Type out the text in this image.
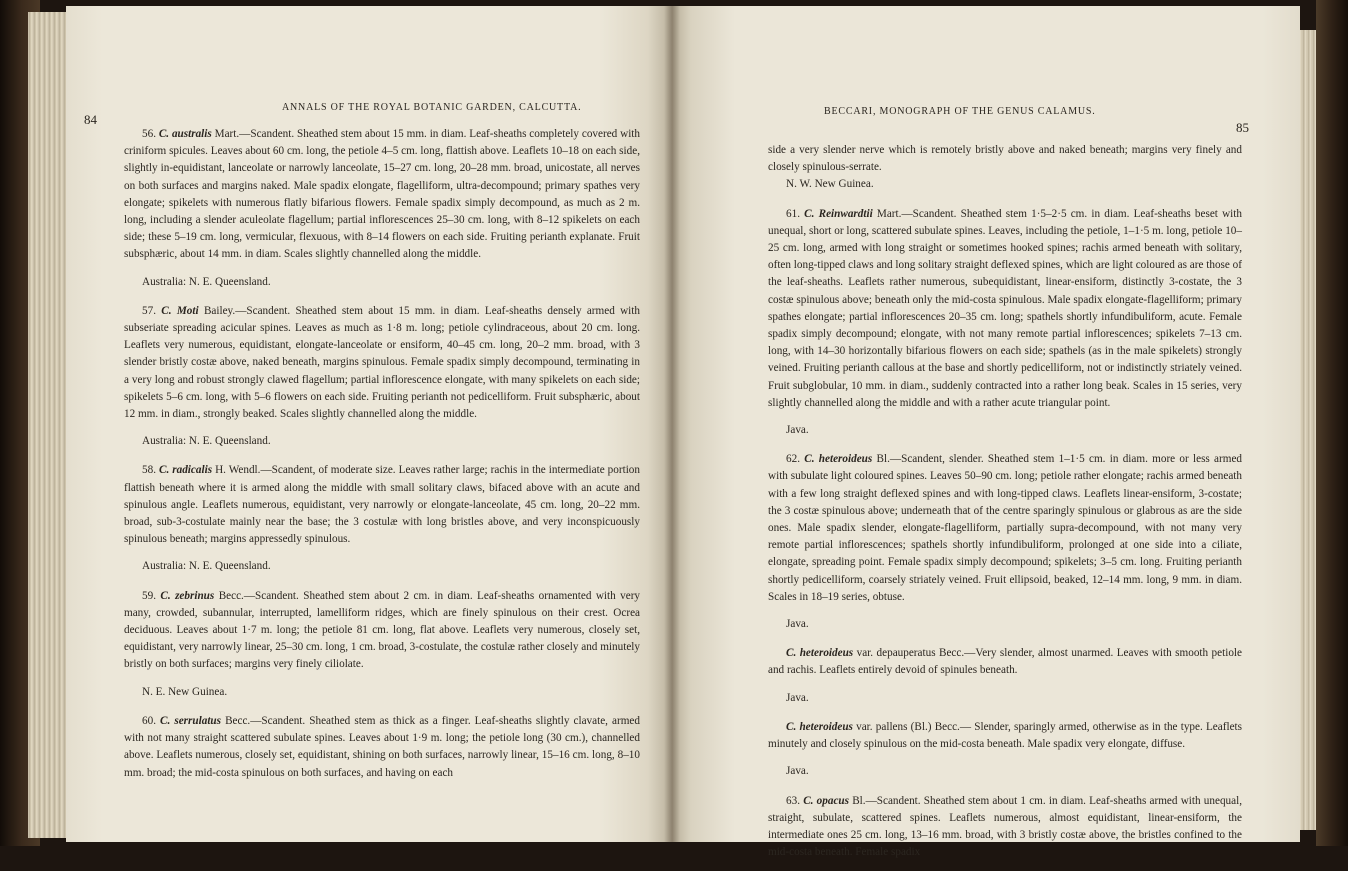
84
ANNALS OF THE ROYAL BOTANIC GARDEN, CALCUTTA.

56. C. australis Mart.—Scandent. Sheathed stem about 15 mm. in diam. Leaf-sheaths completely covered with criniform spicules. Leaves about 60 cm. long, the petiole 4–5 cm. long, flattish above. Leaflets 10–18 on each side, slightly in-equidistant, lanceolate or narrowly lanceolate, 15–27 cm. long, 20–28 mm. broad, unicostate, all nerves on both surfaces and margins naked. Male spadix elongate, flagelliform, ultra-decompound; primary spathes very elongate; spikelets with numerous flatly bifarious flowers. Female spadix simply decompound, as much as 2 m. long, including a slender aculeolate flagellum; partial inflorescences 25–30 cm. long, with 8–12 spikelets on each side; these 5–19 cm. long, vermicular, flexuous, with 8–14 flowers on each side. Fruiting perianth explanate. Fruit subsphæric, about 14 mm. in diam. Scales slightly channelled along the middle.

Australia: N. E. Queensland.

57. C. Moti Bailey.—Scandent. Sheathed stem about 15 mm. in diam. Leaf-sheaths densely armed with subseriate spreading acicular spines. Leaves as much as 1·8 m. long; petiole cylindraceous, about 20 cm. long. Leaflets very numerous, equidistant, elongate-lanceolate or ensiform, 40–45 cm. long, 20–2 mm. broad, with 3 slender bristly costæ above, naked beneath, margins spinulous. Female spadix simply decompound, terminating in a very long and robust strongly clawed flagellum; partial inflorescence elongate, with many spikelets on each side; spikelets 5–6 cm. long, with 5–6 flowers on each side. Fruiting perianth not pedicelliform. Fruit subsphæric, about 12 mm. in diam., strongly beaked. Scales slightly channelled along the middle.

Australia: N. E. Queensland.

58. C. radicalis H. Wendl.—Scandent, of moderate size. Leaves rather large; rachis in the intermediate portion flattish beneath where it is armed along the middle with small solitary claws, bifaced above with an acute and spinulous angle. Leaflets numerous, equidistant, very narrowly or elongate-lanceolate, 45 cm. long, 20–22 mm. broad, sub-3-costulate mainly near the base; the 3 costulæ with long bristles above, and very inconspicuously spinulous beneath; margins appressedly spinulous.

Australia: N. E. Queensland.

59. C. zebrinus Becc.—Scandent. Sheathed stem about 2 cm. in diam. Leaf-sheaths ornamented with very many, crowded, subannular, interrupted, lamelliform ridges, which are finely spinulous on their crest. Ocrea deciduous. Leaves about 1·7 m. long; the petiole 81 cm. long, flat above. Leaflets very numerous, closely set, equidistant, very narrowly linear, 25–30 cm. long, 1 cm. broad, 3-costulate, the costulæ rather closely and minutely bristly on both surfaces; margins very finely ciliolate.

N. E. New Guinea.

60. C. serrulatus Becc.—Scandent. Sheathed stem as thick as a finger. Leaf-sheaths slightly clavate, armed with not many straight scattered subulate spines. Leaves about 1·9 m. long; the petiole long (30 cm.), channelled above. Leaflets numerous, closely set, equidistant, shining on both surfaces, narrowly linear, 15–16 cm. long, 8–10 mm. broad; the mid-costa spinulous on both surfaces, and having on each

BECCARI, MONOGRAPH OF THE GENUS CALAMUS.
85

side a very slender nerve which is remotely bristly above and naked beneath; margins very finely and closely spinulous-serrate.

N. W. New Guinea.

61. C. Reinwardtii Mart.—Scandent. Sheathed stem 1·5–2·5 cm. in diam. Leaf-sheaths beset with unequal, short or long, scattered subulate spines. Leaves, including the petiole, 1–1·5 m. long, petiole 10–25 cm. long, armed with long straight or sometimes hooked spines; rachis armed beneath with solitary, often long-tipped claws and long solitary straight deflexed spines, which are light coloured as are those of the leaf-sheaths. Leaflets rather numerous, subequidistant, linear-ensiform, distinctly 3-costate, the 3 costæ spinulous above; beneath only the mid-costa spinulous. Male spadix elongate-flagelliform; primary spathes elongate; partial inflorescences 20–35 cm. long; spathels shortly infundibuliform, acute. Female spadix simply decompound; elongate, with not many remote partial inflorescences; spikelets 7–13 cm. long, with 14–30 horizontally bifarious flowers on each side; spathels (as in the male spikelets) strongly veined. Fruiting perianth callous at the base and shortly pedicelliform, not or indistinctly striately veined. Fruit subglobular, 10 mm. in diam., suddenly contracted into a rather long beak. Scales in 15 series, very slightly channelled along the middle and with a rather acute triangular point.

Java.

62. C. heteroideus Bl.—Scandent, slender. Sheathed stem 1–1·5 cm. in diam. more or less armed with subulate light coloured spines. Leaves 50–90 cm. long; petiole rather elongate; rachis armed beneath with a few long straight deflexed spines and with long-tipped claws. Leaflets linear-ensiform, 3-costate; the 3 costæ spinulous above; underneath that of the centre sparingly spinulous or glabrous as are the side ones. Male spadix slender, elongate-flagelliform, partially supra-decompound, with not many very remote partial inflorescences; spathels shortly infundibuliform, prolonged at one side into a ciliate, elongate, spreading point. Female spadix simply decompound; spikelets; 3–5 cm. long. Fruiting perianth shortly pedicelliform, coarsely striately veined. Fruit ellipsoid, beaked, 12–14 mm. long, 9 mm. in diam. Scales in 18–19 series, obtuse.

Java.

C. heteroideus var. depauperatus Becc.—Very slender, almost unarmed. Leaves with smooth petiole and rachis. Leaflets entirely devoid of spinules beneath.

Java.

C. heteroideus var. pallens (Bl.) Becc.— Slender, sparingly armed, otherwise as in the type. Leaflets minutely and closely spinulous on the mid-costa beneath. Male spadix very elongate, diffuse.

Java.

63. C. opacus Bl.—Scandent. Sheathed stem about 1 cm. in diam. Leaf-sheaths armed with unequal, straight, subulate, scattered spines. Leaflets numerous, almost equidistant, linear-ensiform, the intermediate ones 25 cm. long, 13–16 mm. broad, with 3 bristly costæ above, the bristles confined to the mid-costa beneath. Female spadix
